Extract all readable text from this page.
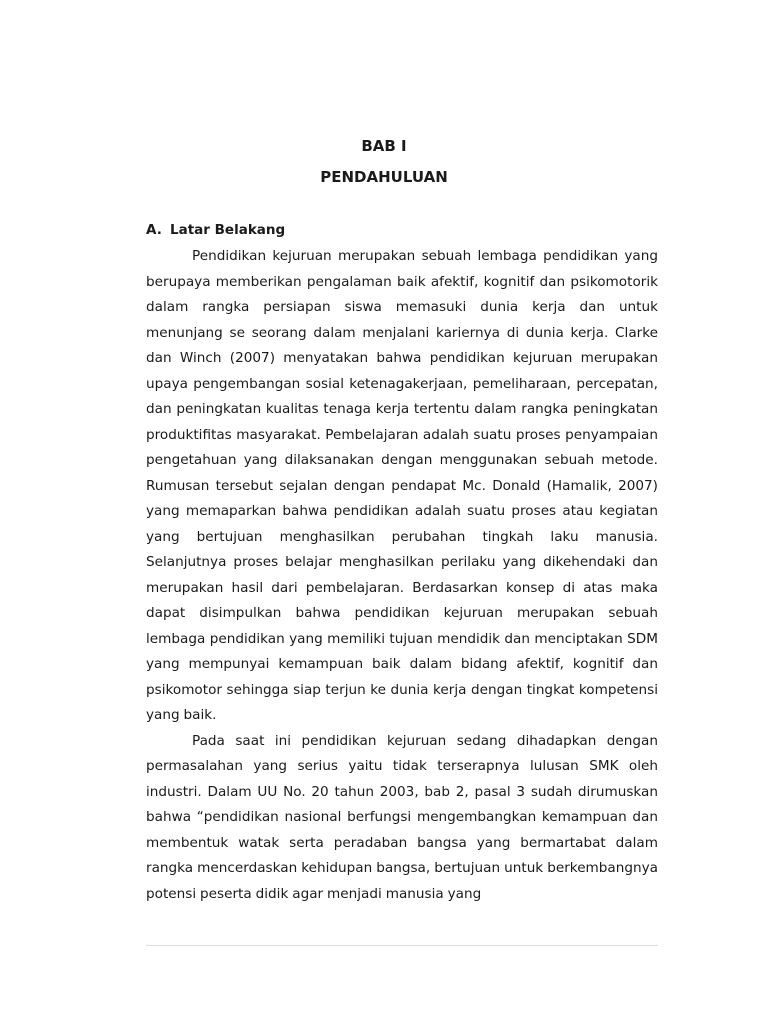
BAB I
PENDAHULUAN
A. Latar Belakang

Pendidikan kejuruan merupakan sebuah lembaga pendidikan yang berupaya memberikan pengalaman baik afektif, kognitif dan psikomotorik dalam rangka persiapan siswa memasuki dunia kerja dan untuk menunjang se seorang dalam menjalani kariernya di dunia kerja. Clarke dan Winch (2007) menyatakan bahwa pendidikan kejuruan merupakan upaya pengembangan sosial ketenagakerjaan, pemeliharaan, percepatan, dan peningkatan kualitas tenaga kerja tertentu dalam rangka peningkatan produktifitas masyarakat. Pembelajaran adalah suatu proses penyampaian pengetahuan yang dilaksanakan dengan menggunakan sebuah metode. Rumusan tersebut sejalan dengan pendapat Mc. Donald (Hamalik, 2007) yang memaparkan bahwa pendidikan adalah suatu proses atau kegiatan yang bertujuan menghasilkan perubahan tingkah laku manusia. Selanjutnya proses belajar menghasilkan perilaku yang dikehendaki dan merupakan hasil dari pembelajaran. Berdasarkan konsep di atas maka dapat disimpulkan bahwa pendidikan kejuruan merupakan sebuah lembaga pendidikan yang memiliki tujuan mendidik dan menciptakan SDM yang mempunyai kemampuan baik dalam bidang afektif, kognitif dan psikomotor sehingga siap terjun ke dunia kerja dengan tingkat kompetensi yang baik.

Pada saat ini pendidikan kejuruan sedang dihadapkan dengan permasalahan yang serius yaitu tidak terserapnya lulusan SMK oleh industri. Dalam UU No. 20 tahun 2003, bab 2, pasal 3 sudah dirumuskan bahwa “pendidikan nasional berfungsi mengembangkan kemampuan dan membentuk watak serta peradaban bangsa yang bermartabat dalam rangka mencerdaskan kehidupan bangsa, bertujuan untuk berkembangnya potensi peserta didik agar menjadi manusia yang
